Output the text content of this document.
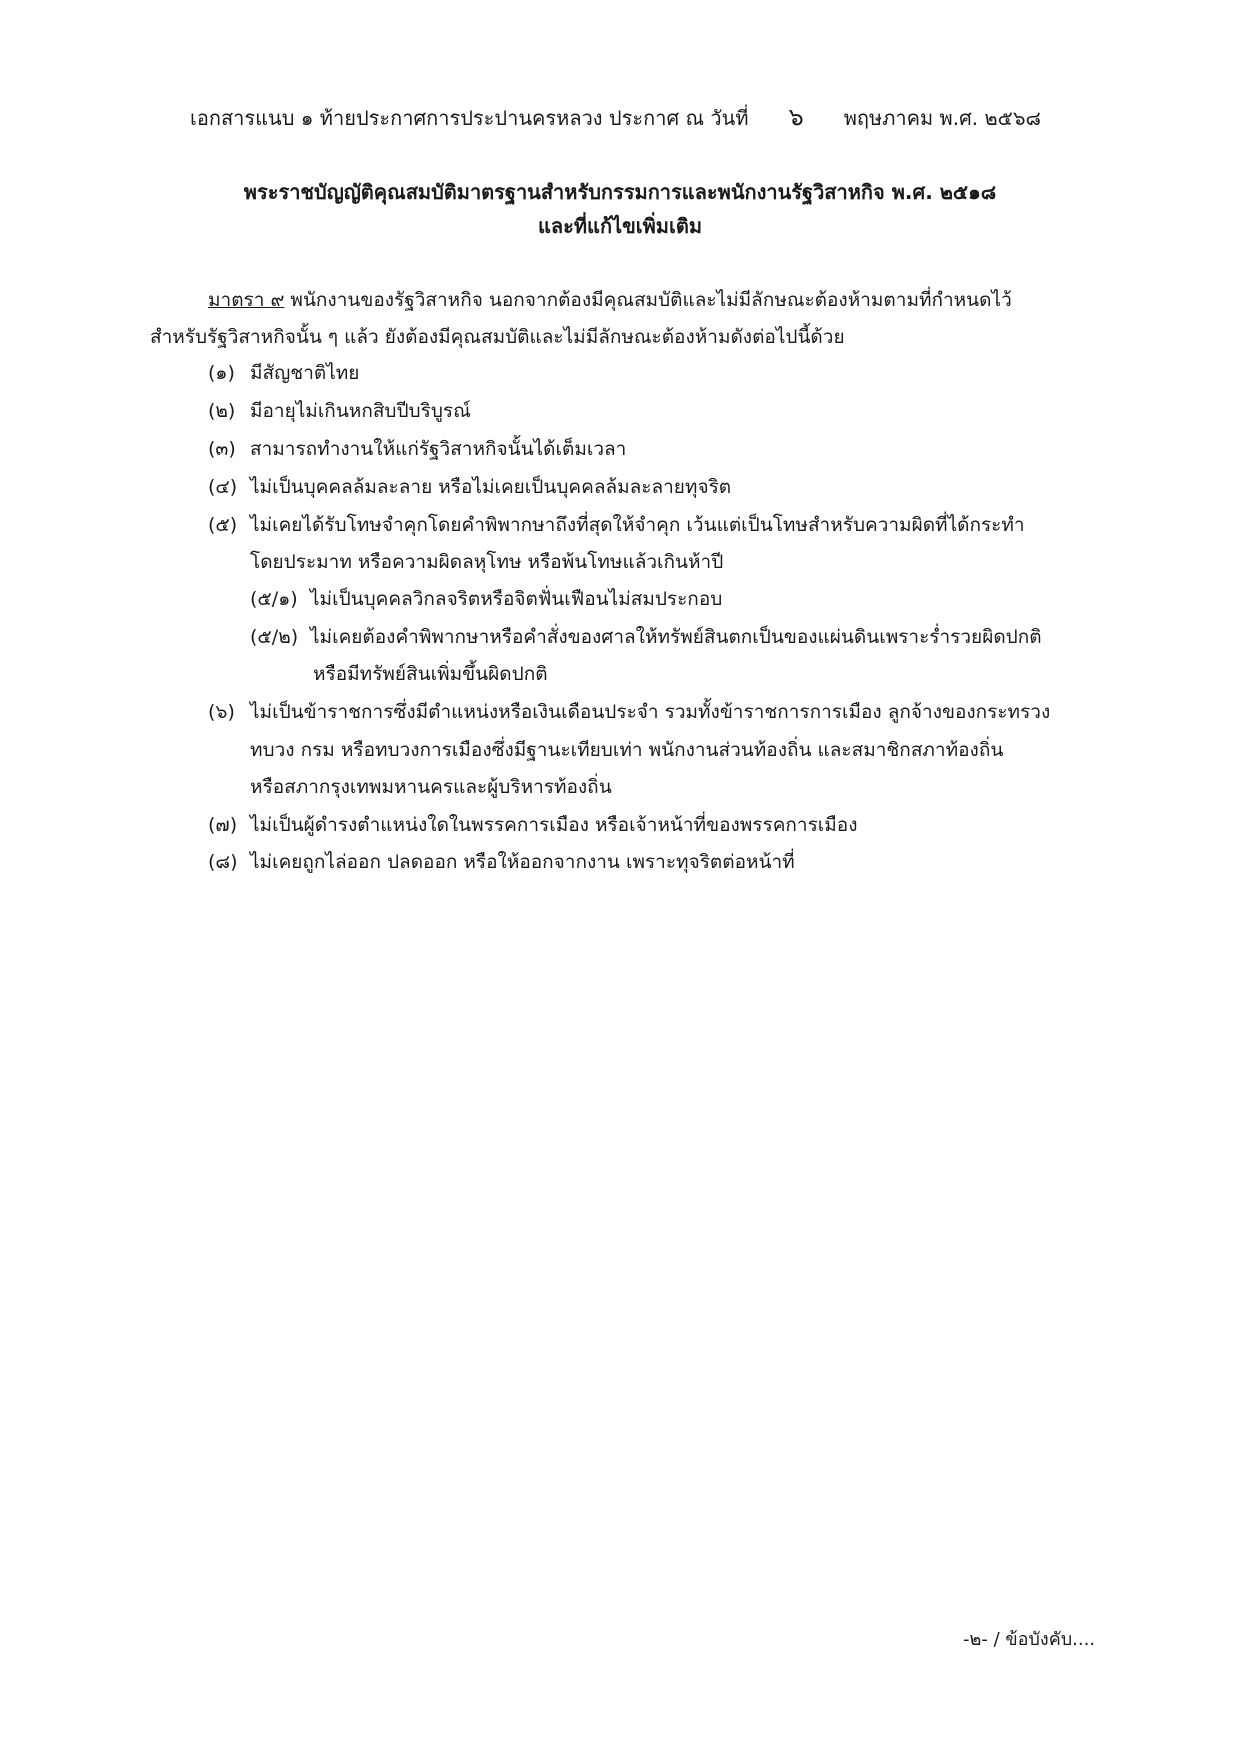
เอกสารแนบ ๑ ท้ายประกาศการประปานครหลวง ประกาศ ณ วันที่ ๖ พฤษภาคม พ.ศ. ๒๕๖๘
พระราชบัญญัติคุณสมบัติมาตรฐานสำหรับกรรมการและพนักงานรัฐวิสาหกิจ พ.ศ. ๒๕๑๘
และที่แก้ไขเพิ่มเติม
มาตรา ๙ พนักงานของรัฐวิสาหกิจ นอกจากต้องมีคุณสมบัติและไม่มีลักษณะต้องห้ามตามที่กำหนดไว้
สำหรับรัฐวิสาหกิจนั้น ๆ แล้ว ยังต้องมีคุณสมบัติและไม่มีลักษณะต้องห้ามดังต่อไปนี้ด้วย
(๑) มีสัญชาติไทย
(๒) มีอายุไม่เกินหกสิบปีบริบูรณ์
(๓) สามารถทำงานให้แก่รัฐวิสาหกิจนั้นได้เต็มเวลา
(๔) ไม่เป็นบุคคลล้มละลาย หรือไม่เคยเป็นบุคคลล้มละลายทุจริต
(๕) ไม่เคยได้รับโทษจำคุกโดยคำพิพากษาถึงที่สุดให้จำคุก เว้นแต่เป็นโทษสำหรับความผิดที่ได้กระทำ
โดยประมาท หรือความผิดลหุโทษ หรือพ้นโทษแล้วเกินห้าปี
(๕/๑) ไม่เป็นบุคคลวิกลจริตหรือจิตฟั่นเฟือนไม่สมประกอบ
(๕/๒) ไม่เคยต้องคำพิพากษาหรือคำสั่งของศาลให้ทรัพย์สินตกเป็นของแผ่นดินเพราะร่ำรวยผิดปกติ
หรือมีทรัพย์สินเพิ่มขึ้นผิดปกติ
(๖) ไม่เป็นข้าราชการซึ่งมีตำแหน่งหรือเงินเดือนประจำ รวมทั้งข้าราชการการเมือง ลูกจ้างของกระทรวง
ทบวง กรม หรือทบวงการเมืองซึ่งมีฐานะเทียบเท่า พนักงานส่วนท้องถิ่น และสมาชิกสภาท้องถิ่น
หรือสภากรุงเทพมหานครและผู้บริหารท้องถิ่น
(๗) ไม่เป็นผู้ดำรงตำแหน่งใดในพรรคการเมือง หรือเจ้าหน้าที่ของพรรคการเมือง
(๘) ไม่เคยถูกไล่ออก ปลดออก หรือให้ออกจากงาน เพราะทุจริตต่อหน้าที่
-๒- / ข้อบังคับ....
